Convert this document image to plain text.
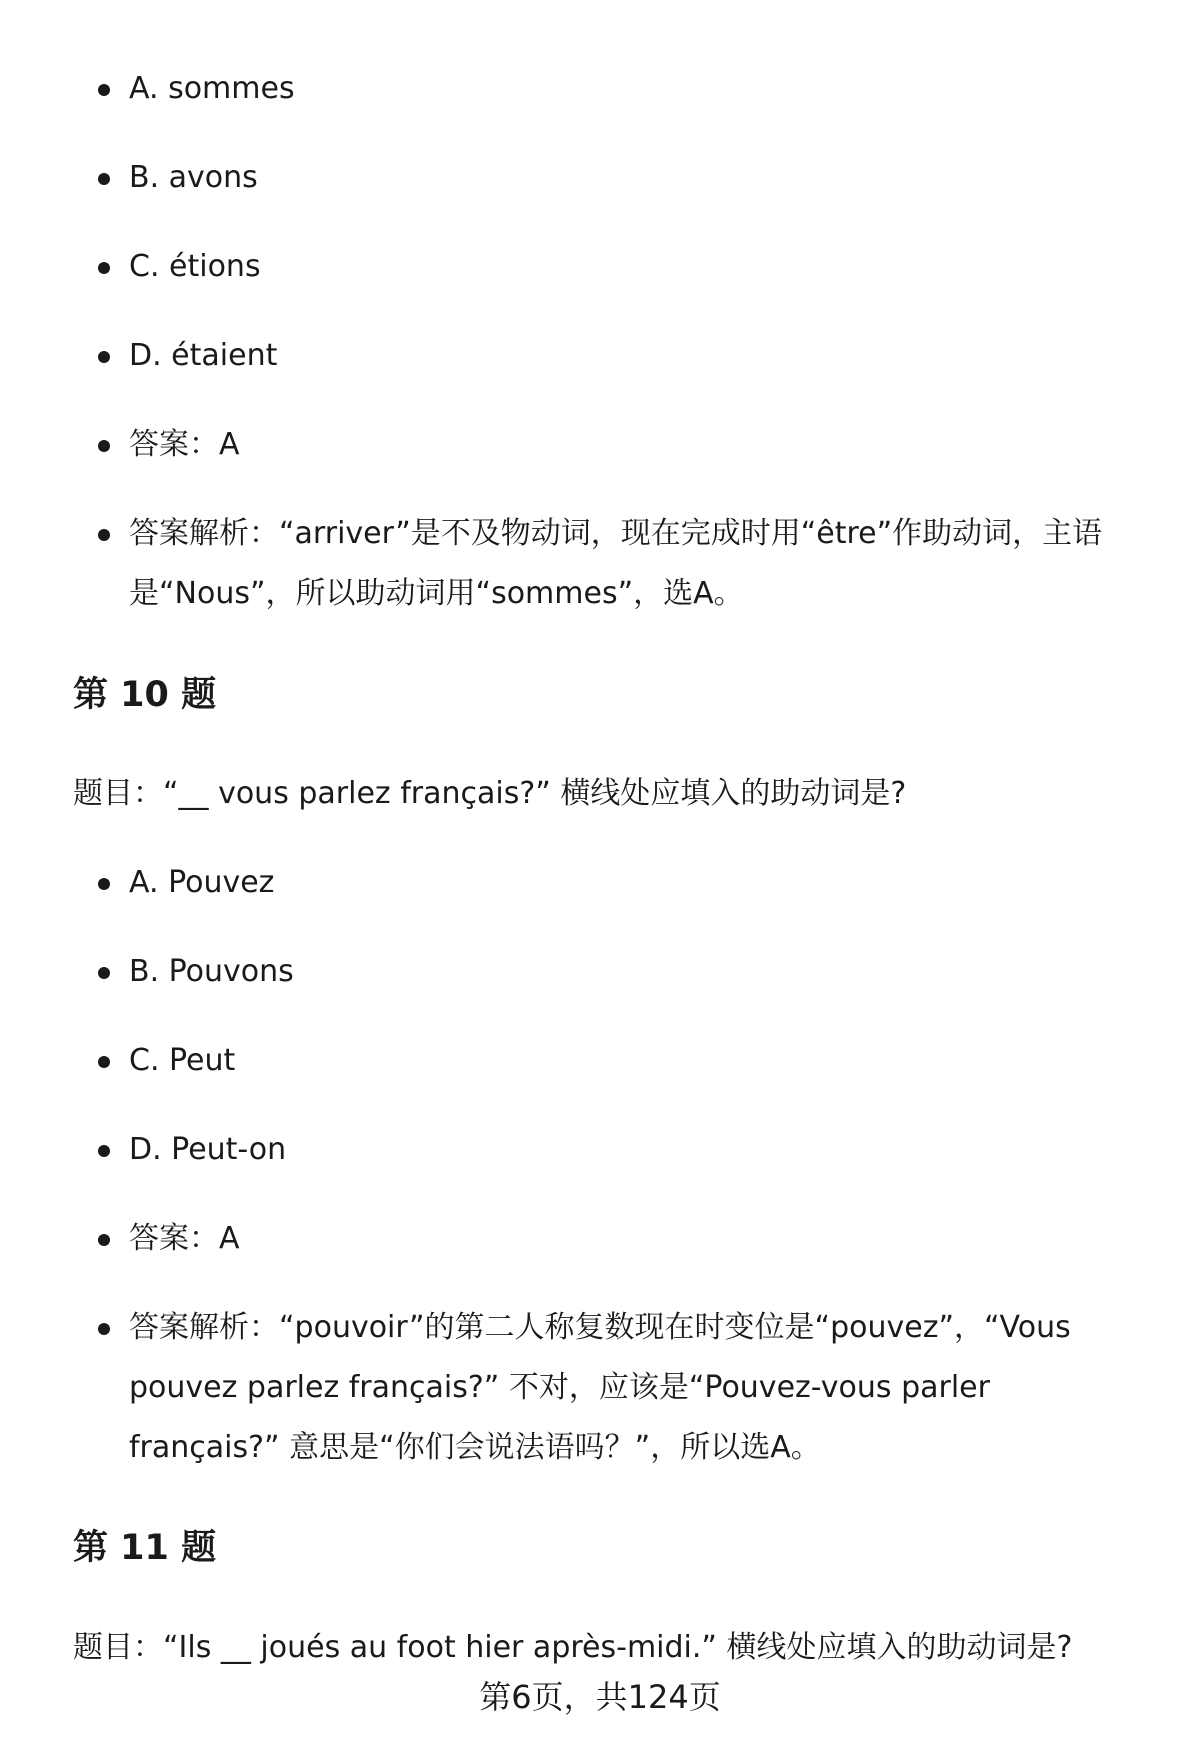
A. sommes
B. avons
C. étions
D. étaient
答案：A
答案解析：“arriver”是不及物动词，现在完成时用“être”作助动词，主语是“Nous”，所以助动词用“sommes”，选A。
第 10 题
题目：“__ vous parlez français?” 横线处应填入的助动词是?
A. Pouvez
B. Pouvons
C. Peut
D. Peut-on
答案：A
答案解析：“pouvoir”的第二人称复数现在时变位是“pouvez”，“Vous pouvez parlez français?” 不对，应该是“Pouvez-vous parler français?” 意思是“你们会说法语吗？”，所以选A。
第 11 题
题目：“Ils __ joués au foot hier après-midi.” 横线处应填入的助动词是?
第6页，共124页
